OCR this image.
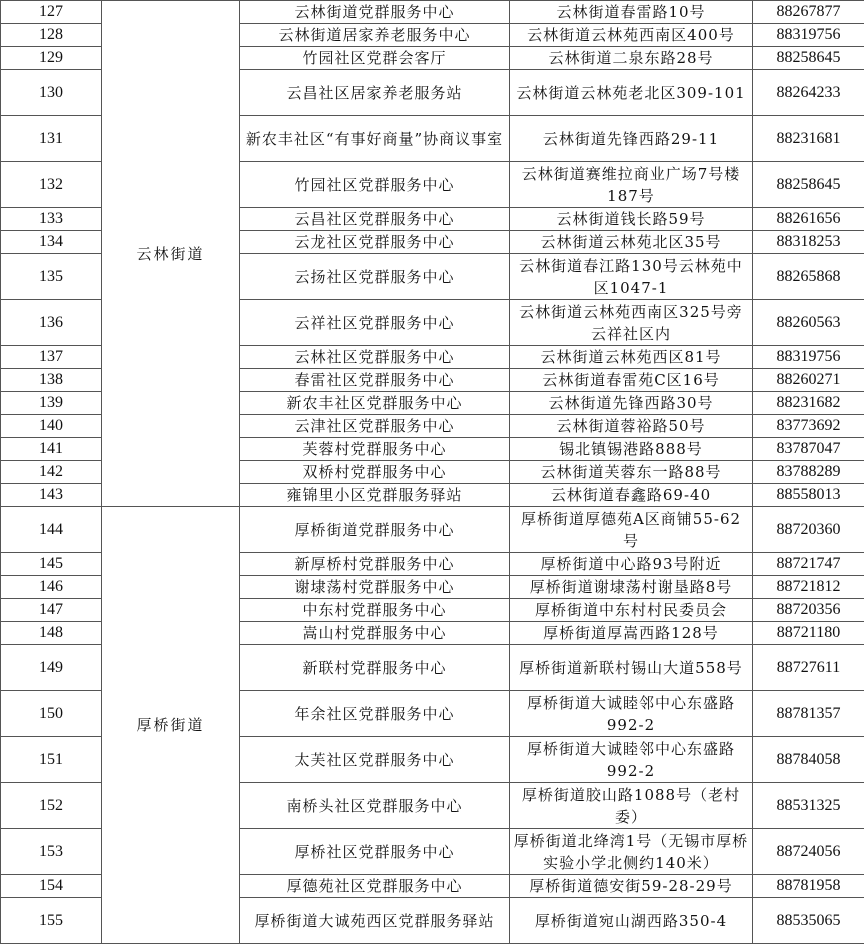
127	云林街道	云林街道党群服务中心	云林街道春雷路10号	88267877
128		云林街道居家养老服务中心	云林街道云林苑西南区400号	88319756
129		竹园社区党群会客厅	云林街道二泉东路28号	88258645
130		云昌社区居家养老服务站	云林街道云林苑老北区309-101	88264233
131		新农丰社区“有事好商量”协商议事室	云林街道先锋西路29-11	88231681
132		竹园社区党群服务中心	云林街道赛维拉商业广场7号楼187号	88258645
133		云昌社区党群服务中心	云林街道钱长路59号	88261656
134		云龙社区党群服务中心	云林街道云林苑北区35号	88318253
135		云扬社区党群服务中心	云林街道春江路130号云林苑中区1047-1	88265868
136		云祥社区党群服务中心	云林街道云林苑西南区325号旁云祥社区内	88260563
137		云林社区党群服务中心	云林街道云林苑西区81号	88319756
138		春雷社区党群服务中心	云林街道春雷苑C区16号	88260271
139		新农丰社区党群服务中心	云林街道先锋西路30号	88231682
140		云津社区党群服务中心	云林街道蓉裕路50号	83773692
141		芙蓉村党群服务中心	锡北镇锡港路888号	83787047
142		双桥村党群服务中心	云林街道芙蓉东一路88号	83788289
143		雍锦里小区党群服务驿站	云林街道春鑫路69-40	88558013
144	厚桥街道	厚桥街道党群服务中心	厚桥街道厚德苑A区商铺55-62号	88720360
145		新厚桥村党群服务中心	厚桥街道中心路93号附近	88721747
146		谢埭荡村党群服务中心	厚桥街道谢埭荡村谢垦路8号	88721812
147		中东村党群服务中心	厚桥街道中东村村民委员会	88720356
148		嵩山村党群服务中心	厚桥街道厚嵩西路128号	88721180
149		新联村党群服务中心	厚桥街道新联村锡山大道558号	88727611
150		年余社区党群服务中心	厚桥街道大诚睦邻中心东盛路992-2	88781357
151		太芙社区党群服务中心	厚桥街道大诚睦邻中心东盛路992-2	88784058
152		南桥头社区党群服务中心	厚桥街道胶山路1088号（老村委）	88531325
153		厚桥社区党群服务中心	厚桥街道北绛湾1号（无锡市厚桥实验小学北侧约140米）	88724056
154		厚德苑社区党群服务中心	厚桥街道德安街59-28-29号	88781958
155		厚桥街道大诚苑西区党群服务驿站	厚桥街道宛山湖西路350-4	88535065
